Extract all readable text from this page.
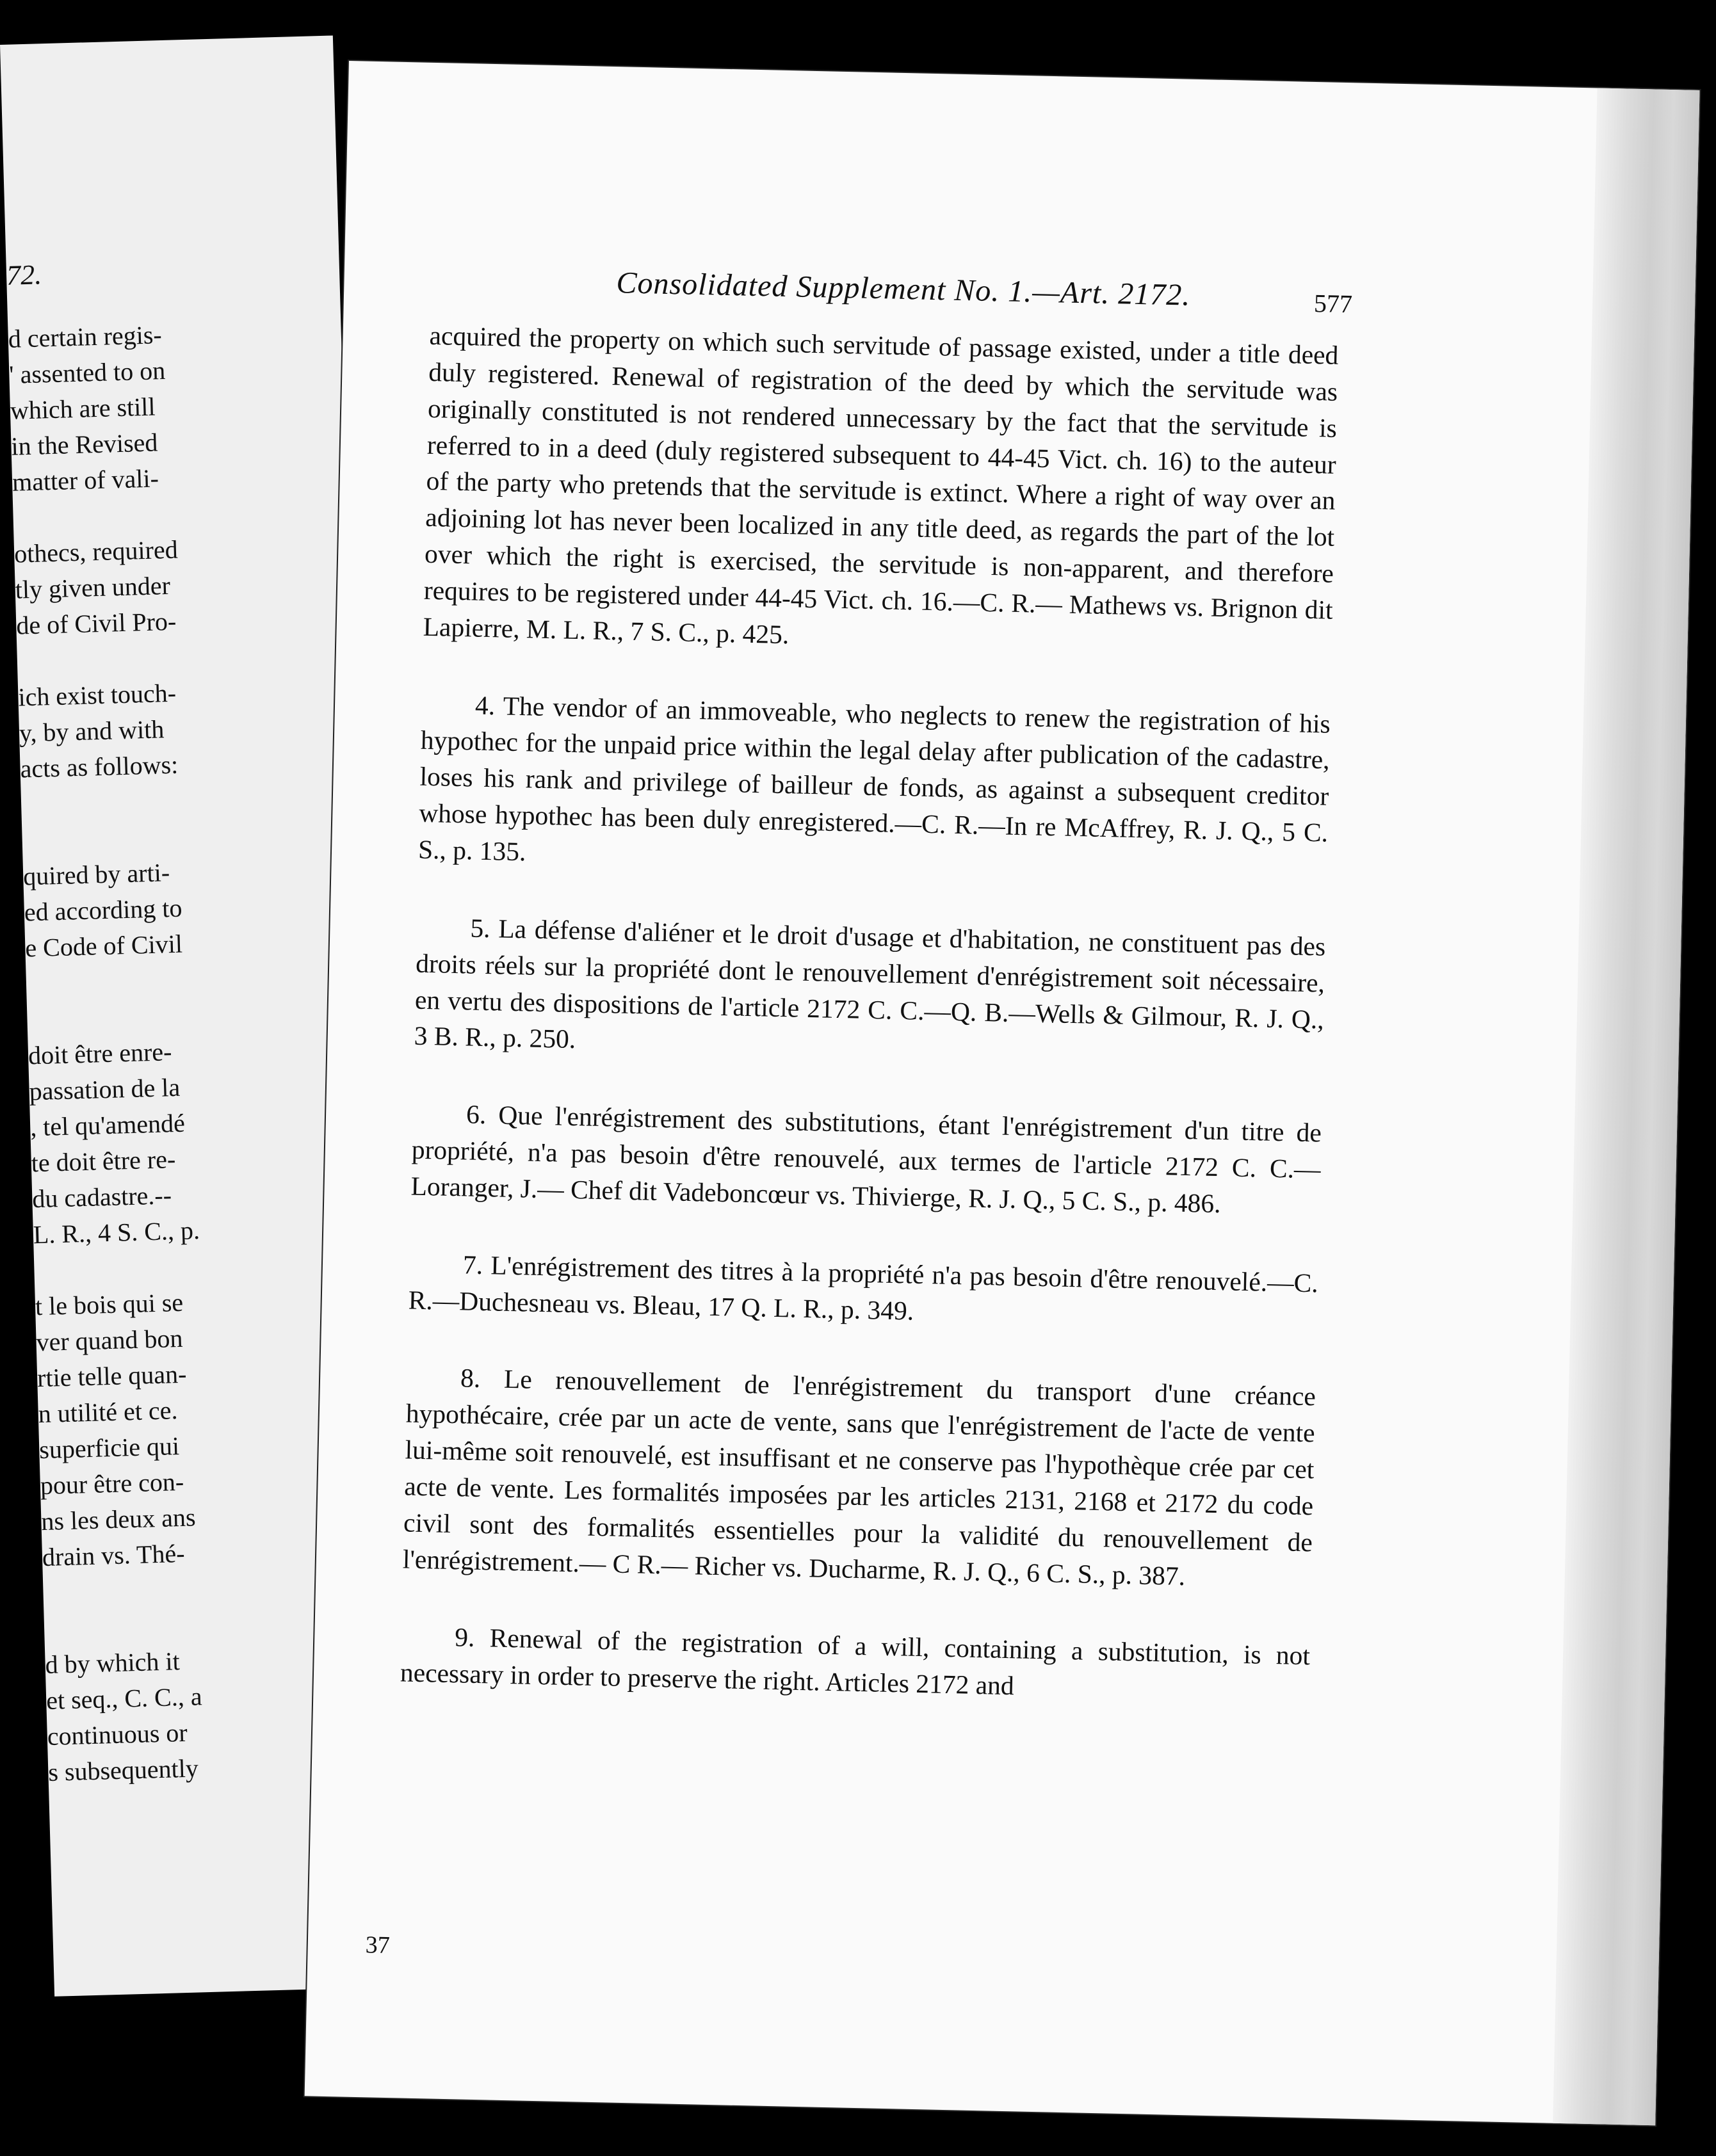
72.
d certain regis-
' assented to on
which are still
in the Revised
matter of vali-
othecs, required
tly given under
de of Civil Pro-
ich exist touch-
y, by and with
acts as follows:
quired by arti-
ed according to
e Code of Civil
doit être enre-
passation de la
, tel qu'amendé
te doit être re-
du cadastre.--
L. R., 4 S. C., p.
t le bois qui se
ver quand bon
rtie telle quan-
n utilité et ce.
superficie qui
pour être con-
ns les deux ans
drain vs. Thé-
d by which it
et seq., C. C., a
continuous or
s subsequently
Consolidated Supplement No. 1.—Art. 2172.	577

acquired the property on which such servitude of passage existed, under a title deed duly registered. Renewal of registration of the deed by which the servitude was originally constituted is not rendered unnecessary by the fact that the servitude is referred to in a deed (duly registered subsequent to 44-45 Vict. ch. 16) to the auteur of the party who pretends that the servitude is extinct. Where a right of way over an adjoining lot has never been localized in any title deed, as regards the part of the lot over which the right is exercised, the servitude is non-apparent, and therefore requires to be registered under 44-45 Vict. ch. 16.—C. R.— Mathews vs. Brignon dit Lapierre, M. L. R., 7 S. C., p. 425.

4. The vendor of an immoveable, who neglects to renew the registration of his hypothec for the unpaid price within the legal delay after publication of the cadastre, loses his rank and privilege of bailleur de fonds, as against a subsequent creditor whose hypothec has been duly enregistered.—C. R.—In re McAffrey, R. J. Q., 5 C. S., p. 135.

5. La défense d'aliéner et le droit d'usage et d'habitation, ne constituent pas des droits réels sur la propriété dont le renouvellement d'enrégistrement soit nécessaire, en vertu des dispositions de l'article 2172 C. C.—Q. B.—Wells & Gilmour, R. J. Q., 3 B. R., p. 250.

6. Que l'enrégistrement des substitutions, étant l'enrégistrement d'un titre de propriété, n'a pas besoin d'être renouvelé, aux termes de l'article 2172 C. C.— Loranger, J.— Chef dit Vadeboncœur vs. Thivierge, R. J. Q., 5 C. S., p. 486.

7. L'enrégistrement des titres à la propriété n'a pas besoin d'être renouvelé.—C. R.—Duchesneau vs. Bleau, 17 Q. L. R., p. 349.

8. Le renouvellement de l'enrégistrement du transport d'une créance hypothécaire, crée par un acte de vente, sans que l'enrégistrement de l'acte de vente lui-même soit renouvelé, est insuffisant et ne conserve pas l'hypothèque crée par cet acte de vente. Les formalités imposées par les articles 2131, 2168 et 2172 du code civil sont des formalités essentielles pour la validité du renouvellement de l'enrégistrement.— C R.— Richer vs. Ducharme, R. J. Q., 6 C. S., p. 387.

9. Renewal of the registration of a will, containing a substitution, is not necessary in order to preserve the right. Articles 2172 and

37
